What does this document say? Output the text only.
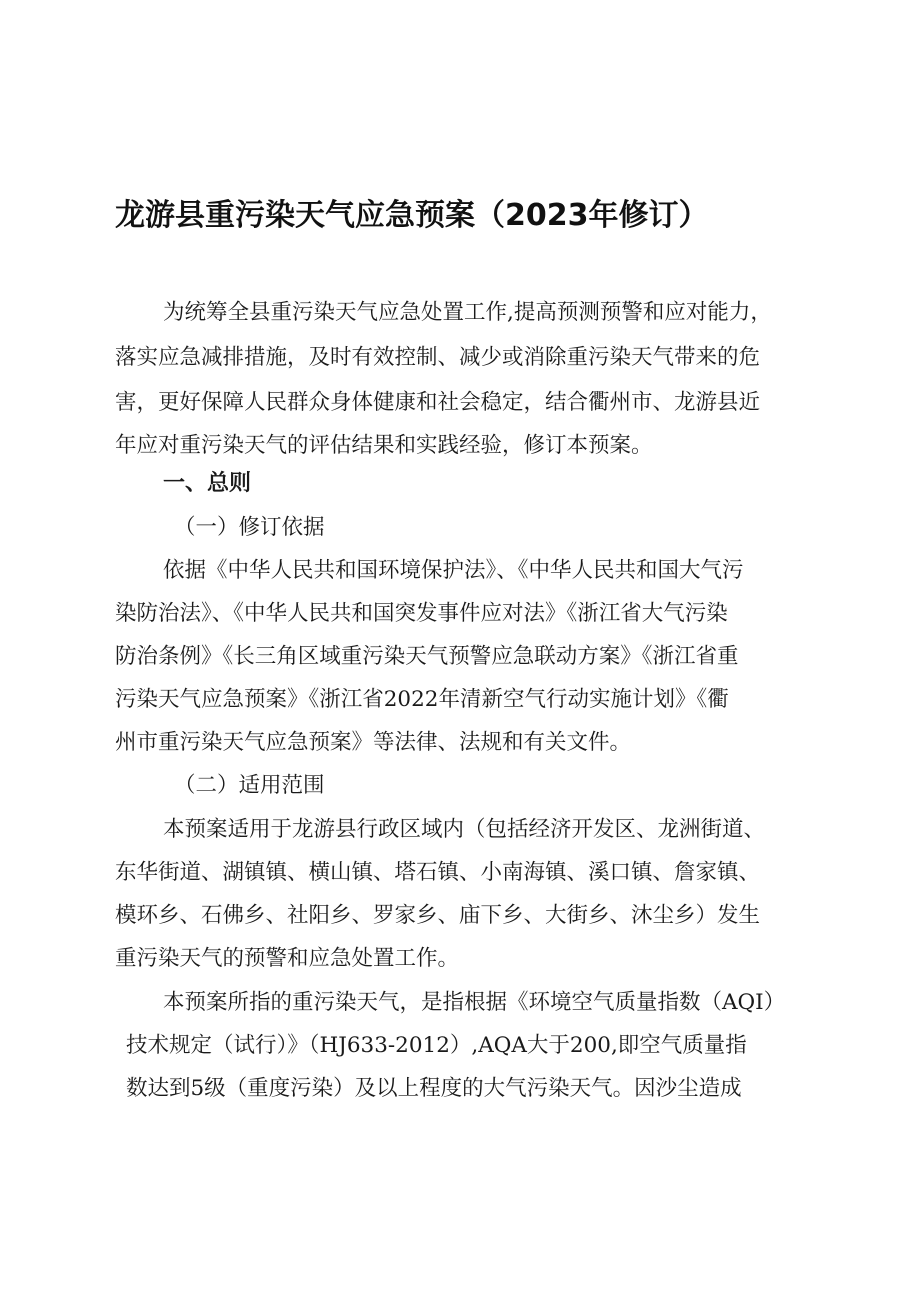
龙游县重污染天气应急预案（2023年修订）
为统筹全县重污染天气应急处置工作,提高预测预警和应对能力，
落实应急减排措施，及时有效控制、减少或消除重污染天气带来的危
害，更好保障人民群众身体健康和社会稳定，结合衢州市、龙游县近
年应对重污染天气的评估结果和实践经验，修订本预案。
一、总则
（一）修订依据
依据《中华人民共和国环境保护法》、《中华人民共和国大气污
染防治法》、《中华人民共和国突发事件应对法》《浙江省大气污染
防治条例》《长三角区域重污染天气预警应急联动方案》《浙江省重
污染天气应急预案》《浙江省2022年清新空气行动实施计划》《衢
州市重污染天气应急预案》等法律、法规和有关文件。
（二）适用范围
本预案适用于龙游县行政区域内（包括经济开发区、龙洲街道、
东华街道、湖镇镇、横山镇、塔石镇、小南海镇、溪口镇、詹家镇、
模环乡、石佛乡、社阳乡、罗家乡、庙下乡、大街乡、沐尘乡）发生
重污染天气的预警和应急处置工作。
本预案所指的重污染天气，是指根据《环境空气质量指数（AQI）
技术规定（试行）》（HJ633-2012）,AQA大于200,即空气质量指
数达到5级（重度污染）及以上程度的大气污染天气。因沙尘造成
